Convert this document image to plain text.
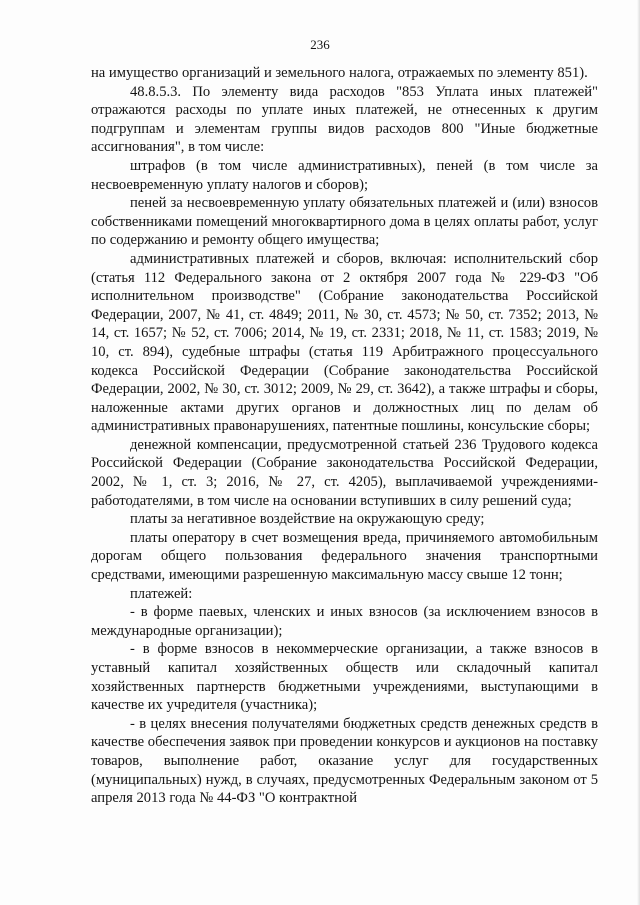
236

на имущество организаций и земельного налога, отражаемых по элементу 851).

48.8.5.3. По элементу вида расходов "853 Уплата иных платежей" отражаются расходы по уплате иных платежей, не отнесенных к другим подгруппам и элементам группы видов расходов 800 "Иные бюджетные ассигнования", в том числе:

штрафов (в том числе административных), пеней (в том числе за несвоевременную уплату налогов и сборов);

пеней за несвоевременную уплату обязательных платежей и (или) взносов собственниками помещений многоквартирного дома в целях оплаты работ, услуг по содержанию и ремонту общего имущества;

административных платежей и сборов, включая: исполнительский сбор (статья 112 Федерального закона от 2 октября 2007 года № 229-ФЗ "Об исполнительном производстве" (Собрание законодательства Российской Федерации, 2007, № 41, ст. 4849; 2011, № 30, ст. 4573; № 50, ст. 7352; 2013, № 14, ст. 1657; № 52, ст. 7006; 2014, № 19, ст. 2331; 2018, № 11, ст. 1583; 2019, № 10, ст. 894), судебные штрафы (статья 119 Арбитражного процессуального кодекса Российской Федерации (Собрание законодательства Российской Федерации, 2002, № 30, ст. 3012; 2009, № 29, ст. 3642), а также штрафы и сборы, наложенные актами других органов и должностных лиц по делам об административных правонарушениях, патентные пошлины, консульские сборы;

денежной компенсации, предусмотренной статьей 236 Трудового кодекса Российской Федерации (Собрание законодательства Российской Федерации, 2002, № 1, ст. 3; 2016, № 27, ст. 4205), выплачиваемой учреждениями-работодателями, в том числе на основании вступивших в силу решений суда;

платы за негативное воздействие на окружающую среду;

платы оператору в счет возмещения вреда, причиняемого автомобильным дорогам общего пользования федерального значения транспортными средствами, имеющими разрешенную максимальную массу свыше 12 тонн;

платежей:

- в форме паевых, членских и иных взносов (за исключением взносов в международные организации);

- в форме взносов в некоммерческие организации, а также взносов в уставный капитал хозяйственных обществ или складочный капитал хозяйственных партнерств бюджетными учреждениями, выступающими в качестве их учредителя (участника);

- в целях внесения получателями бюджетных средств денежных средств в качестве обеспечения заявок при проведении конкурсов и аукционов на поставку товаров, выполнение работ, оказание услуг для государственных (муниципальных) нужд, в случаях, предусмотренных Федеральным законом от 5 апреля 2013 года № 44-ФЗ "О контрактной
